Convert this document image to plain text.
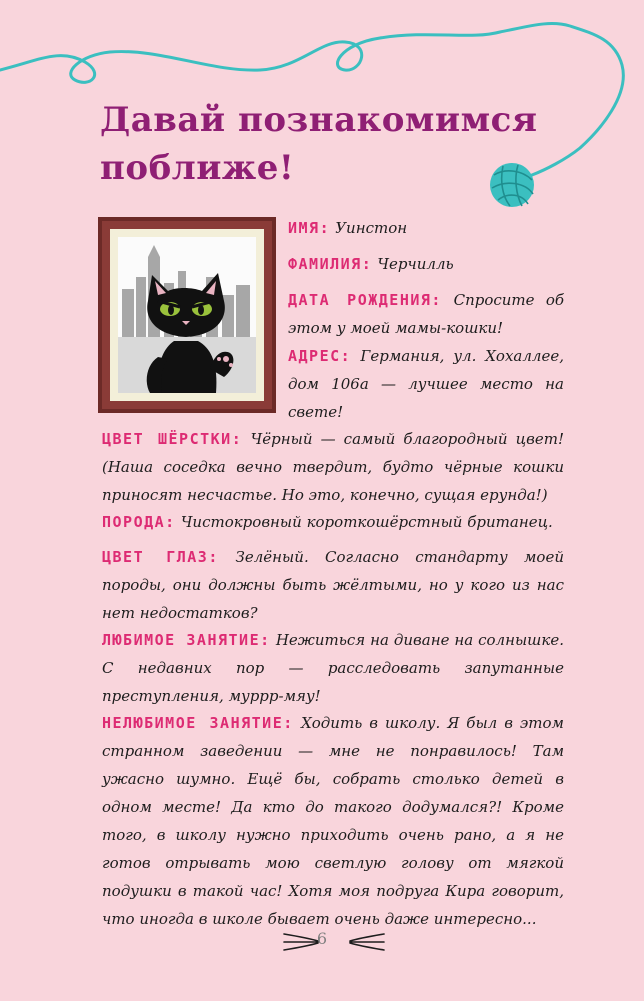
Давай познакомимся поближе!

ИМЯ: Уинстон

ФАМИЛИЯ: Черчилль

ДАТА РОЖДЕНИЯ: Спросите об этом у моей мамы-кошки!

АДРЕС: Германия, ул. Хохаллее, дом 106а — лучшее место на свете!

ЦВЕТ ШЁРСТКИ: Чёрный — самый благородный цвет! (Наша соседка вечно твердит, будто чёрные кошки приносят несчастье. Но это, конечно, сущая ерунда!)

ПОРОДА: Чистокровный короткошёрстный британец.

ЦВЕТ ГЛАЗ: Зелёный. Согласно стандарту моей породы, они должны быть жёлтыми, но у кого из нас нет недостатков?

ЛЮБИМОЕ ЗАНЯТИЕ: Нежиться на диване на солнышке. С недавних пор — расследовать запутанные преступления, муррр-мяу!

НЕЛЮБИМОЕ ЗАНЯТИЕ: Ходить в школу. Я был в этом странном заведении — мне не понравилось! Там ужасно шумно. Ещё бы, собрать столько детей в одном месте! Да кто до такого додумался?! Кроме того, в школу нужно приходить очень рано, а я не готов отрывать мою светлую голову от мягкой подушки в такой час! Хотя моя подруга Кира говорит, что иногда в школе бывает очень даже интересно...

6
